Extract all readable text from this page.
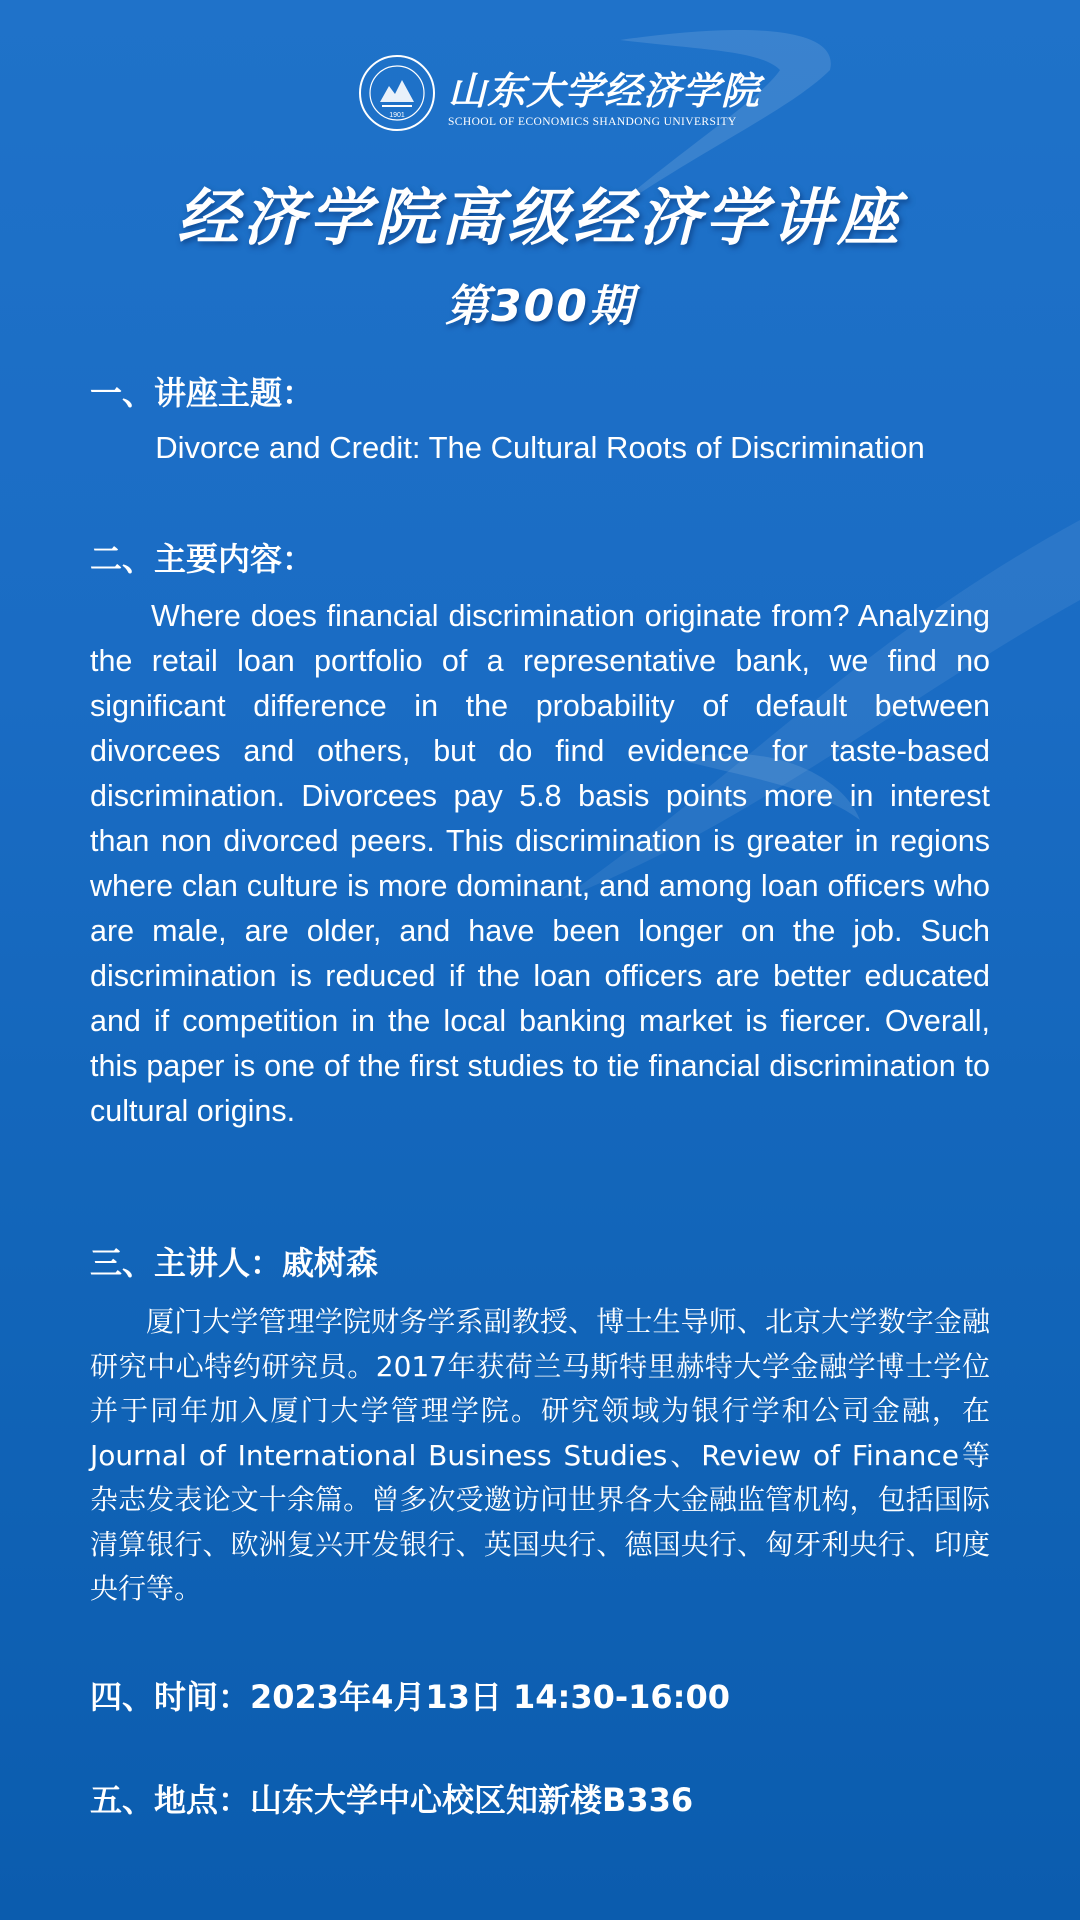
1901
山东大学经济学院
SCHOOL OF ECONOMICS SHANDONG UNIVERSITY
经济学院高级经济学讲座
第300期
一、讲座主题：
Divorce and Credit: The Cultural Roots of Discrimination
二、主要内容：

Where does financial discrimination originate from? Analyzing the retail loan portfolio of a representative bank, we find no significant difference in the probability of default between divorcees and others, but do find evidence for taste-based discrimination. Divorcees pay 5.8 basis points more in interest than non divorced peers. This discrimination is greater in regions where clan culture is more dominant, and among loan officers who are male, are older, and have been longer on the job. Such discrimination is reduced if the loan officers are better educated and if competition in the local banking market is fiercer. Overall, this paper is one of the first studies to tie financial discrimination to cultural origins.

三、主讲人：戚树森

厦门大学管理学院财务学系副教授、博士生导师、北京大学数字金融研究中心特约研究员。2017年获荷兰马斯特里赫特大学金融学博士学位并于同年加入厦门大学管理学院。研究领域为银行学和公司金融，在Journal of International Business Studies、Review of Finance等杂志发表论文十余篇。曾多次受邀访问世界各大金融监管机构，包括国际清算银行、欧洲复兴开发银行、英国央行、德国央行、匈牙利央行、印度央行等。

四、时间：2023年4月13日 14:30-16:00
五、地点：山东大学中心校区知新楼B336
